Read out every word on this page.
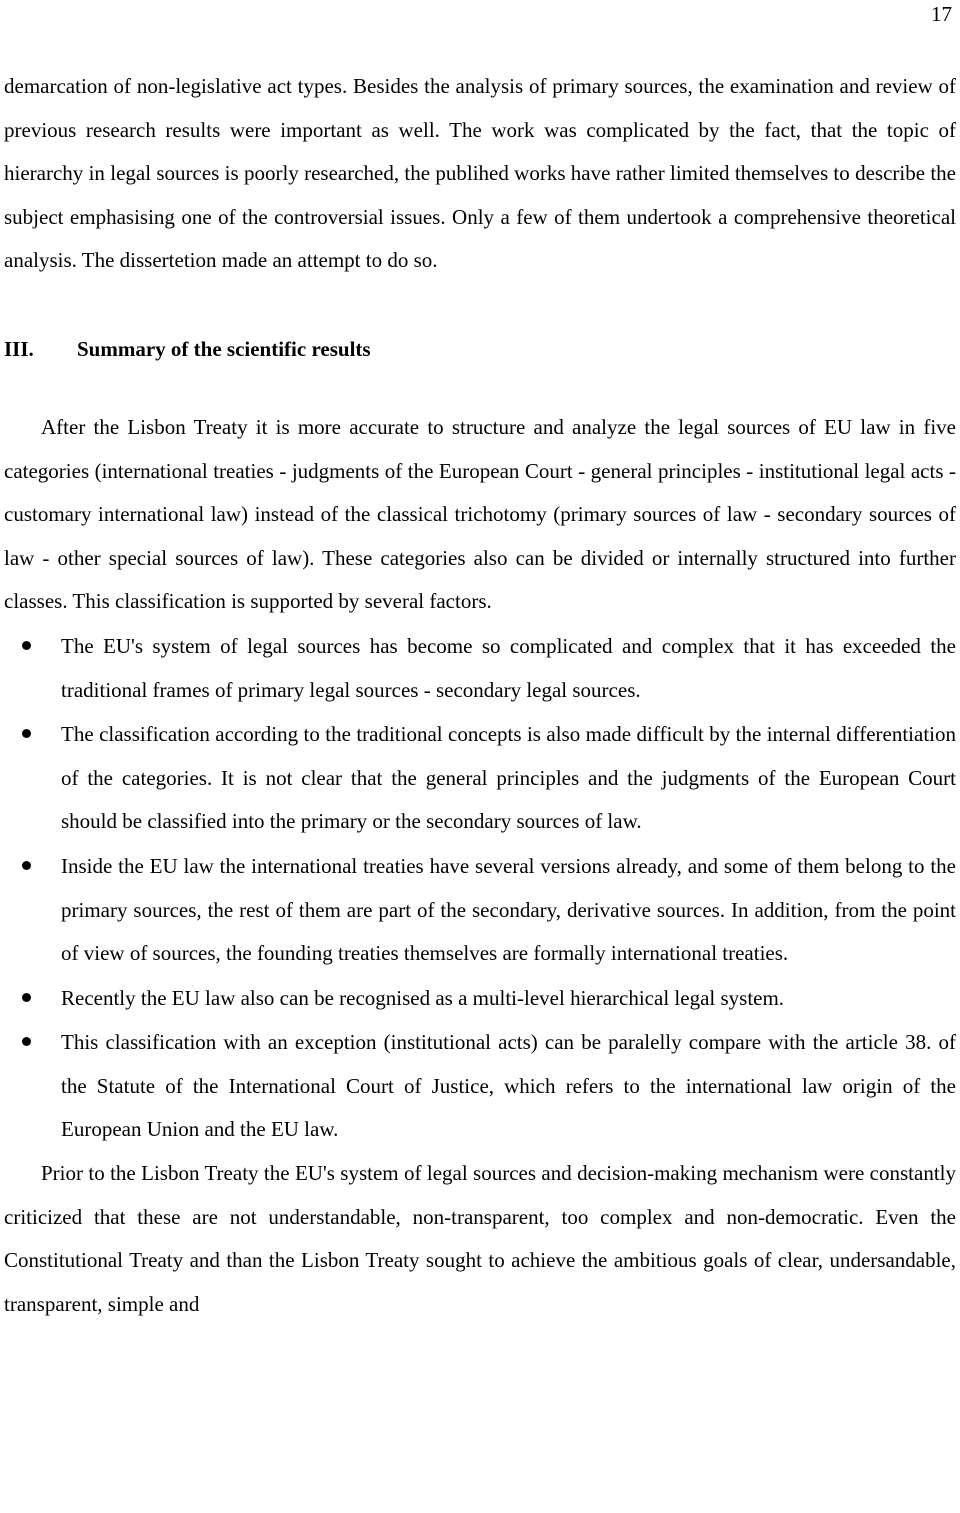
17

demarcation of non-legislative act types. Besides the analysis of primary sources, the examination and review of previous research results were important as well. The work was complicated by the fact, that the topic of hierarchy in legal sources is poorly researched, the publihed works have rather limited themselves to describe the subject emphasising one of the controversial issues. Only a few of them undertook a comprehensive theoretical analysis. The dissertetion made an attempt to do so.

III.	Summary of the scientific results

After the Lisbon Treaty it is more accurate to structure and analyze the legal sources of EU law in five categories (international treaties - judgments of the European Court - general principles - institutional legal acts - customary international law) instead of the classical trichotomy (primary sources of law - secondary sources of law - other special sources of law). These categories also can be divided or internally structured into further classes. This classification is supported by several factors.

The EU's system of legal sources has become so complicated and complex that it has exceeded the traditional frames of primary legal sources - secondary legal sources.
The classification according to the traditional concepts is also made difficult by the internal differentiation of the categories. It is not clear that the general principles and the judgments of the European Court should be classified into the primary or the secondary sources of law.
Inside the EU law the international treaties have several versions already, and some of them belong to the primary sources, the rest of them are part of the secondary, derivative sources. In addition, from the point of view of sources, the founding treaties themselves are formally international treaties.
Recently the EU law also can be recognised as a multi-level hierarchical legal system.
This classification with an exception (institutional acts) can be paralelly compare with the article 38. of the Statute of the International Court of Justice, which refers to the international law origin of the European Union and the EU law.

Prior to the Lisbon Treaty the EU's system of legal sources and decision-making mechanism were constantly criticized that these are not understandable, non-transparent, too complex and non-democratic. Even the Constitutional Treaty and than the Lisbon Treaty sought to achieve the ambitious goals of clear, undersandable, transparent, simple and
